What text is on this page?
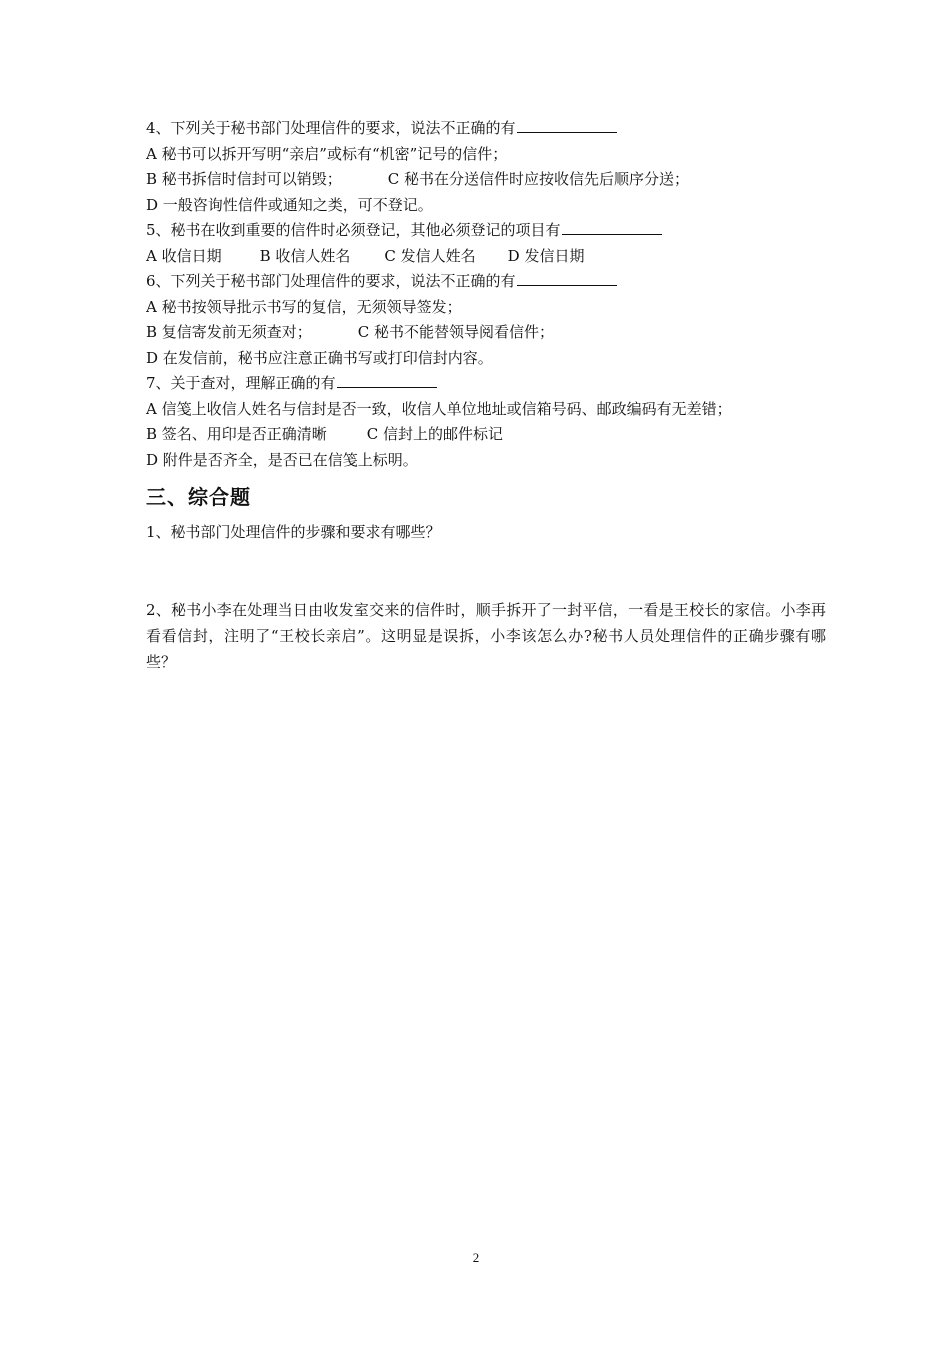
4、下列关于秘书部门处理信件的要求，说法不正确的有
A 秘书可以拆开写明“亲启”或标有“机密”记号的信件；
B 秘书拆信时信封可以销毁；	C 秘书在分送信件时应按收信先后顺序分送；
D 一般咨询性信件或通知之类，可不登记。
5、秘书在收到重要的信件时必须登记，其他必须登记的项目有
A 收信日期	B 收信人姓名 C 发信人姓名 D 发信日期
6、下列关于秘书部门处理信件的要求，说法不正确的有
A 秘书按领导批示书写的复信，无须领导签发；
B 复信寄发前无须查对；	C 秘书不能替领导阅看信件；
D 在发信前，秘书应注意正确书写或打印信封内容。
7、关于查对，理解正确的有
A 信笺上收信人姓名与信封是否一致，收信人单位地址或信箱号码、邮政编码有无差错；
B 签名、用印是否正确清晰	C 信封上的邮件标记
D 附件是否齐全，是否已在信笺上标明。
三、综合题
1、秘书部门处理信件的步骤和要求有哪些？
2、秘书小李在处理当日由收发室交来的信件时，顺手拆开了一封平信，一看是王校长的家信。小李再看看信封，注明了“王校长亲启”。这明显是误拆，小李该怎么办?秘书人员处理信件的正确步骤有哪些？
2
